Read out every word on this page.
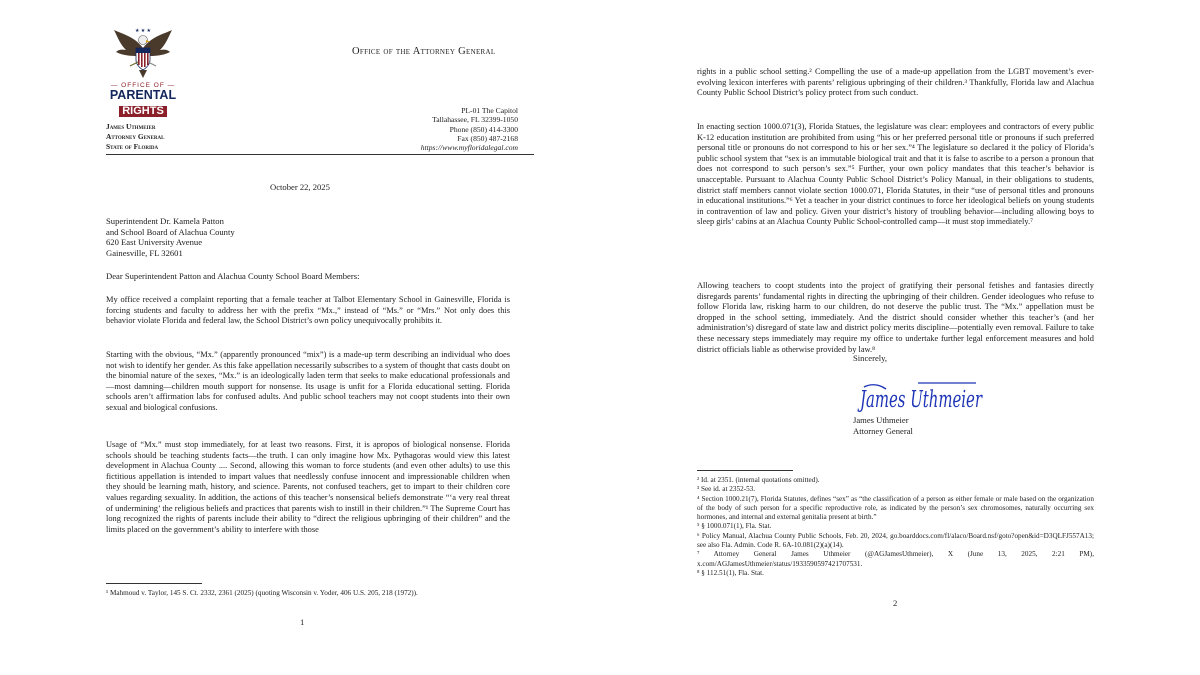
★ ★ ★
— OFFICE OF —
PARENTAL
RIGHTS
Office of the Attorney General
James Uthmeier
Attorney General
State of Florida
PL-01 The Capitol
Tallahassee, FL 32399-1050
Phone (850) 414-3300
Fax (850) 487-2168
https://www.myfloridalegal.com
October 22, 2025
Superintendent Dr. Kamela Patton
and School Board of Alachua County
620 East University Avenue
Gainesville, FL 32601
Dear Superintendent Patton and Alachua County School Board Members:
My office received a complaint reporting that a female teacher at Talbot Elementary School in Gainesville, Florida is forcing students and faculty to address her with the prefix “Mx.,” instead of “Ms.” or “Mrs.” Not only does this behavior violate Florida and federal law, the School District’s own policy unequivocally prohibits it.
Starting with the obvious, “Mx.” (apparently pronounced “mix”) is a made-up term describing an individual who does not wish to identify her gender. As this fake appellation necessarily subscribes to a system of thought that casts doubt on the binomial nature of the sexes, “Mx.” is an ideologically laden term that seeks to make educational professionals and—most damning—children mouth support for nonsense. Its usage is unfit for a Florida educational setting. Florida schools aren’t affirmation labs for confused adults. And public school teachers may not coopt students into their own sexual and biological confusions.
Usage of “Mx.” must stop immediately, for at least two reasons. First, it is apropos of biological nonsense. Florida schools should be teaching students facts—the truth. I can only imagine how Mx. Pythagoras would view this latest development in Alachua County .... Second, allowing this woman to force students (and even other adults) to use this fictitious appellation is intended to impart values that needlessly confuse innocent and impressionable children when they should be learning math, history, and science. Parents, not confused teachers, get to impart to their children core values regarding sexuality. In addition, the actions of this teacher’s nonsensical beliefs demonstrate “‘a very real threat of undermining’ the religious beliefs and practices that parents wish to instill in their children.”¹ The Supreme Court has long recognized the rights of parents include their ability to “direct the religious upbringing of their children” and the limits placed on the government’s ability to interfere with those
¹ Mahmoud v. Taylor, 145 S. Ct. 2332, 2361 (2025) (quoting Wisconsin v. Yoder, 406 U.S. 205, 218 (1972)).
1
rights in a public school setting.² Compelling the use of a made-up appellation from the LGBT movement’s ever-evolving lexicon interferes with parents’ religious upbringing of their children.³ Thankfully, Florida law and Alachua County Public School District’s policy protect from such conduct.
In enacting section 1000.071(3), Florida Statues, the legislature was clear: employees and contractors of every public K-12 education institution are prohibited from using “his or her preferred personal title or pronouns if such preferred personal title or pronouns do not correspond to his or her sex.”⁴ The legislature so declared it the policy of Florida’s public school system that “sex is an immutable biological trait and that it is false to ascribe to a person a pronoun that does not correspond to such person’s sex.”⁵ Further, your own policy mandates that this teacher’s behavior is unacceptable. Pursuant to Alachua County Public School District’s Policy Manual, in their obligations to students, district staff members cannot violate section 1000.071, Florida Statutes, in their “use of personal titles and pronouns in educational institutions.”⁶ Yet a teacher in your district continues to force her ideological beliefs on young students in contravention of law and policy. Given your district’s history of troubling behavior—including allowing boys to sleep girls’ cabins at an Alachua County Public School-controlled camp—it must stop immediately.⁷
Allowing teachers to coopt students into the project of gratifying their personal fetishes and fantasies directly disregards parents’ fundamental rights in directing the upbringing of their children. Gender ideologues who refuse to follow Florida law, risking harm to our children, do not deserve the public trust. The “Mx.” appellation must be dropped in the school setting, immediately. And the district should consider whether this teacher’s (and her administration’s) disregard of state law and district policy merits discipline—potentially even removal. Failure to take these necessary steps immediately may require my office to undertake further legal enforcement measures and hold district officials liable as otherwise provided by law.⁸
Sincerely,
James Uthmeier
James Uthmeier
Attorney General
² Id. at 2351. (internal quotations omitted).
³ See id. at 2352-53.
⁴ Section 1000.21(7), Florida Statutes, defines “sex” as “the classification of a person as either female or male based on the organization of the body of such person for a specific reproductive role, as indicated by the person’s sex chromosomes, naturally occurring sex hormones, and internal and external genitalia present at birth.”
⁵ § 1000.071(1), Fla. Stat.
⁶ Policy Manual, Alachua County Public Schools, Feb. 20, 2024, go.boarddocs.com/fl/alaco/Board.nsf/goto?open&id=D3QLFJ557A13; see also Fla. Admin. Code R. 6A-10.081(2)(a)(14).
⁷ Attorney General James Uthmeier (@AGJamesUthmeier), X (June 13, 2025, 2:21 PM), x.com/AGJamesUthmeier/status/1933590597421707531.
⁸ § 112.51(1), Fla. Stat.
2
